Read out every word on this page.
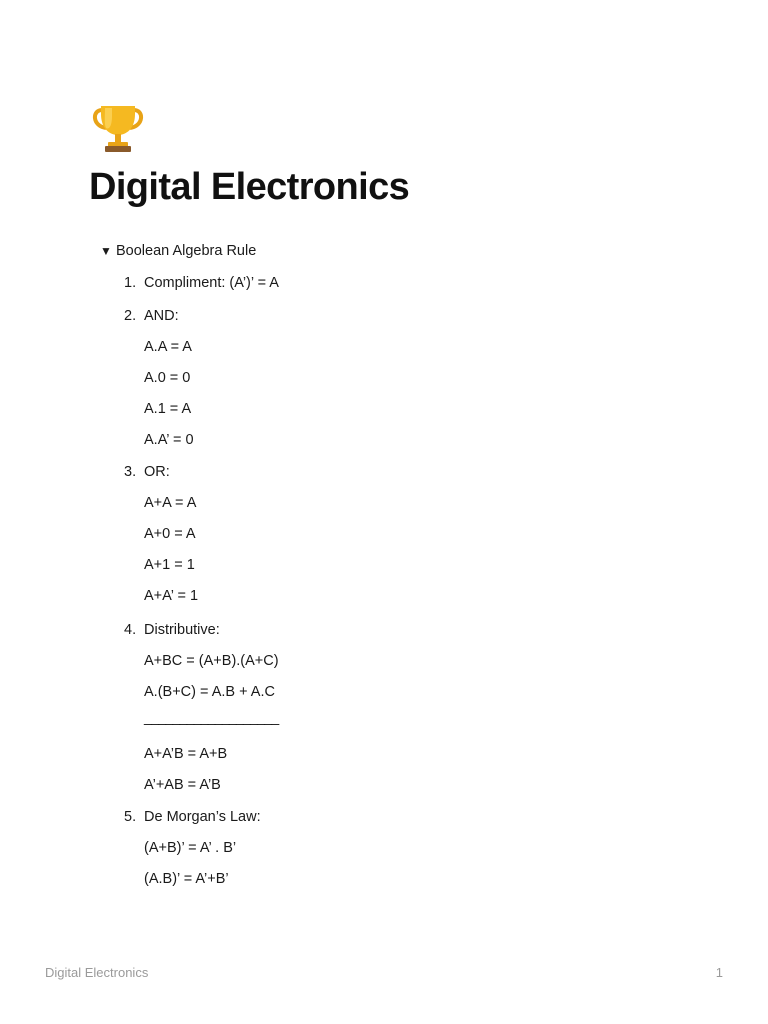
Digital Electronics
▼ Boolean Algebra Rule
1. Compliment: (A’)’ = A
2. AND:
A.A = A
A.0 = 0
A.1 = A
A.A’ = 0
3. OR:
A+A = A
A+0 = A
A+1 = 1
A+A’ = 1
4. Distributive:
A+BC = (A+B).(A+C)
A.(B+C) = A.B + A.C
___________________
A+A’B = A+B
A’+AB = A’B
5. De Morgan’s Law:
(A+B)’ = A’ . B’
(A.B)’ = A’+B’
Digital Electronics	1
